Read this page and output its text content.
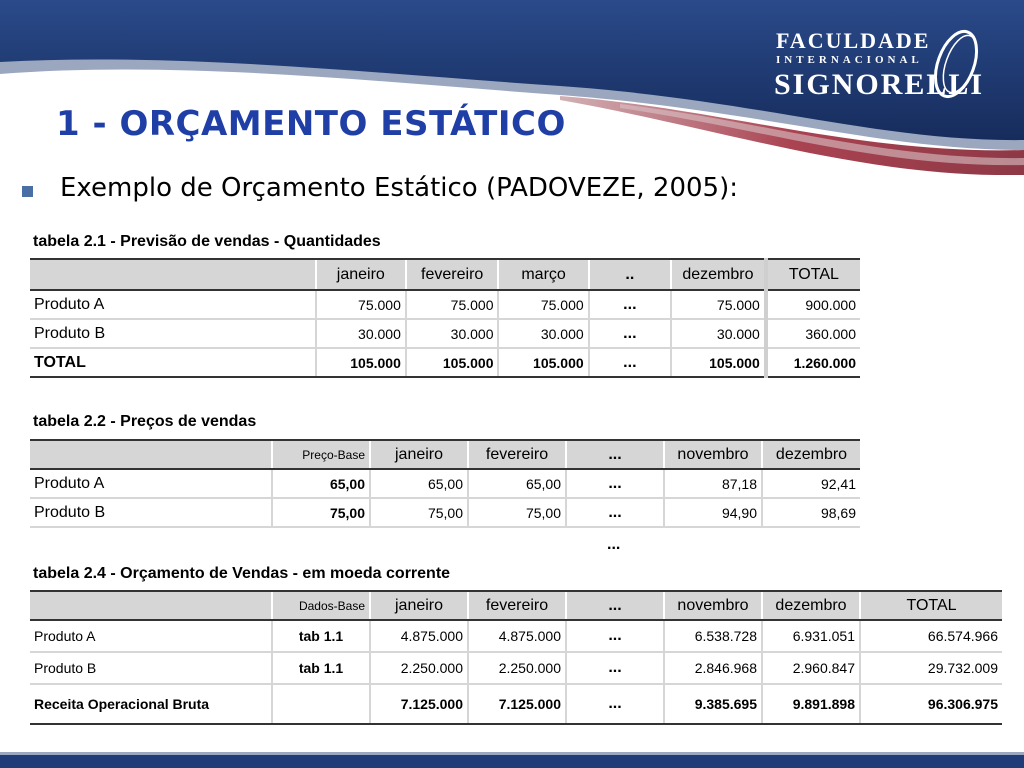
FACULDADE
INTERNACIONAL
SIGNORELLI
1 - ORÇAMENTO ESTÁTICO
Exemplo de Orçamento Estático (PADOVEZE, 2005):
tabela 2.1 - Previsão de vendas - Quantidades
	janeiro	fevereiro	março	..	dezembro	TOTAL
Produto A	75.000	75.000	75.000	...	75.000	900.000
Produto B	30.000	30.000	30.000	...	30.000	360.000
TOTAL	105.000	105.000	105.000	...	105.000	1.260.000
tabela 2.2 - Preços de vendas
	Preço-Base	janeiro	fevereiro	...	novembro	dezembro
Produto A	65,00	65,00	65,00	...	87,18	92,41
Produto B	75,00	75,00	75,00	...	94,90	98,69
...
tabela 2.4 - Orçamento de Vendas - em moeda corrente
	Dados-Base	janeiro	fevereiro	...	novembro	dezembro	TOTAL
Produto A	tab 1.1	4.875.000	4.875.000	...	6.538.728	6.931.051	66.574.966
Produto B	tab 1.1	2.250.000	2.250.000	...	2.846.968	2.960.847	29.732.009
Receita Operacional Bruta		7.125.000	7.125.000	...	9.385.695	9.891.898	96.306.975
